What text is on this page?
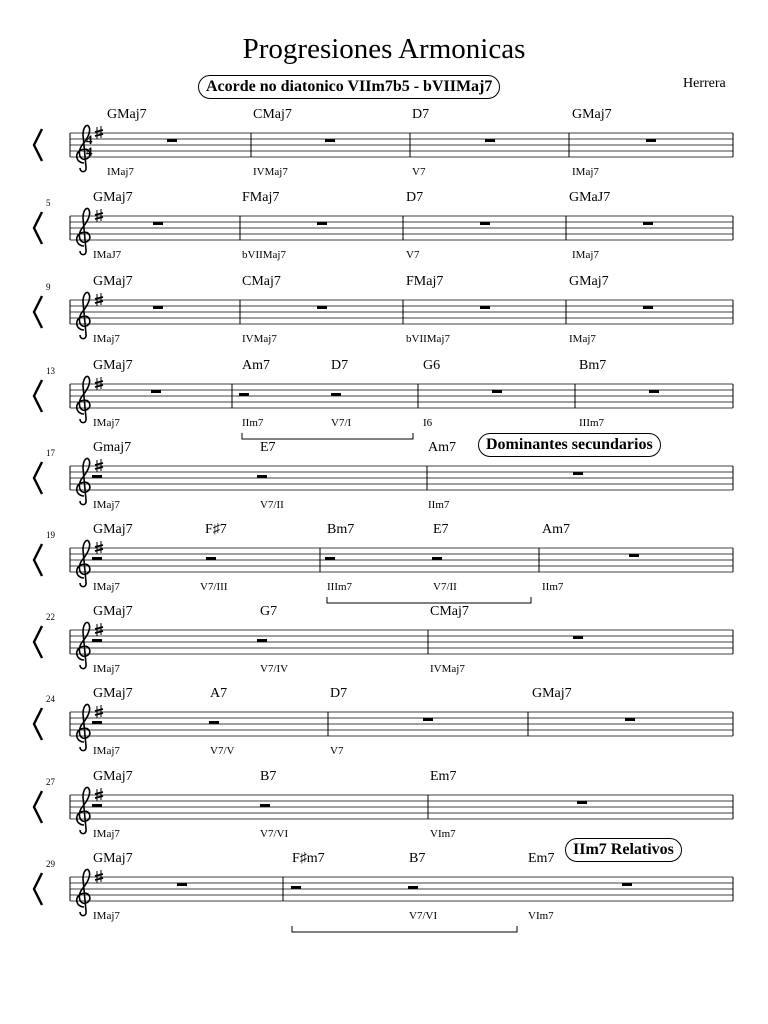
Progresiones Armonicas
Herrera
Acorde no diatonico VIIm7b5 - bVIIMaj7
Dominantes secundarios
IIm7 Relativos
4
4
GMaj7
IMaj7
CMaj7
IVMaj7
D7
V7
GMaj7
IMaj7
5	GMaj7
IMaJ7
FMaj7
bVIIMaj7
D7
V7
GMaJ7
IMaj7
9	GMaj7
IMaj7
CMaj7
IVMaj7
FMaj7
bVIIMaj7
GMaj7
IMaj7
13	GMaj7
IMaj7
Am7
IIm7
D7
V7/I
G6
I6
Bm7
IIIm7
17	Gmaj7
IMaj7
E7
V7/II
Am7
IIm7
19	GMaj7
IMaj7
F♯7
V7/III
Bm7
IIIm7
E7
V7/II
Am7
IIm7
22	GMaj7
IMaj7
G7
V7/IV
CMaj7
IVMaj7
24	GMaj7
IMaj7
A7
V7/V
D7
V7
GMaj7
27	GMaj7
IMaj7
B7
V7/VI
Em7
VIm7
29	GMaj7
IMaj7
F♯m7	B7
V7/VI
Em7
VIm7
